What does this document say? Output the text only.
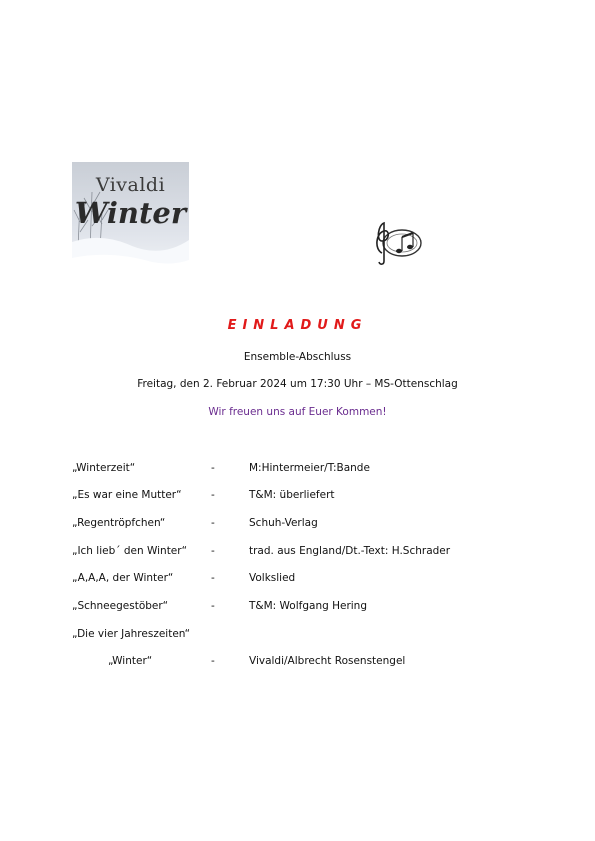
Vivaldi
Winter
EINLADUNG
Ensemble-Abschluss
Freitag, den 2. Februar 2024 um 17:30 Uhr – MS-Ottenschlag
Wir freuen uns auf Euer Kommen!
„Winterzeit“	-	M:Hintermeier/T:Bande
„Es war eine Mutter“	-	T&M: überliefert
„Regentröpfchen“	-	Schuh-Verlag
„Ich lieb´ den Winter“ -	trad. aus England/Dt.-Text: H.Schrader
„A,A,A, der Winter“	-	Volkslied
„Schneegestöber“	-	T&M: Wolfgang Hering
„Die vier Jahreszeiten“
„Winter“	-	Vivaldi/Albrecht Rosenstengel
